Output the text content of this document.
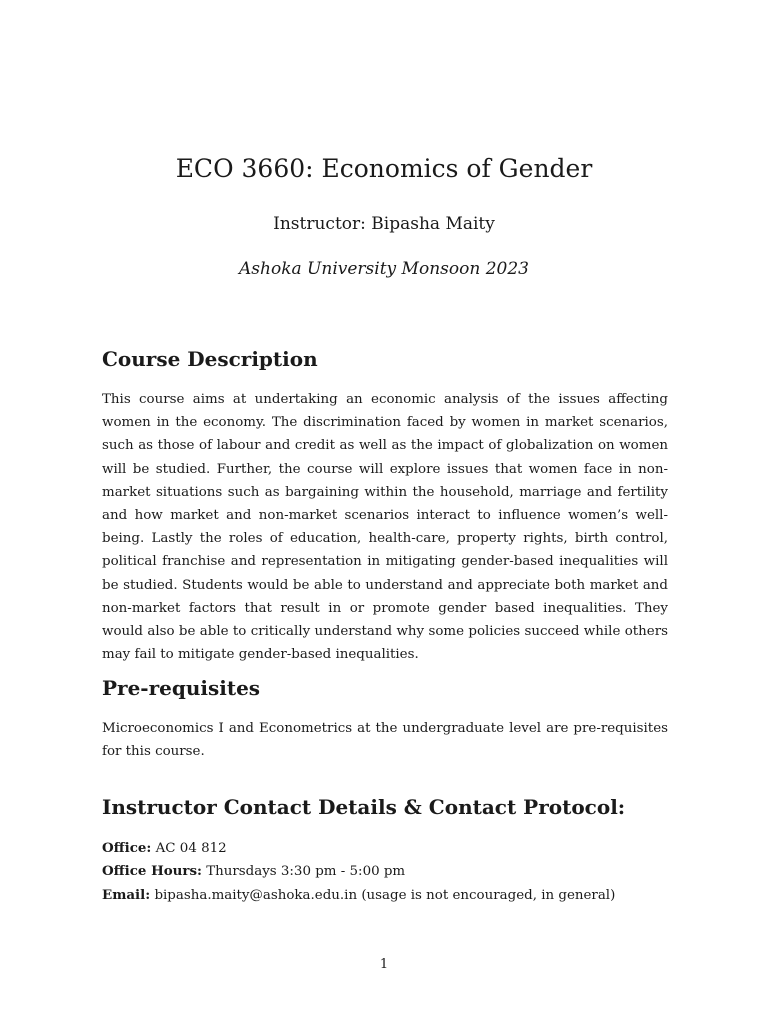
ECO 3660: Economics of Gender

Instructor: Bipasha Maity

Ashoka University Monsoon 2023

Course Description

This course aims at undertaking an economic analysis of the issues affecting women in the economy. The discrimination faced by women in market scenarios, such as those of labour and credit as well as the impact of globalization on women will be studied. Further, the course will explore issues that women face in non-market situations such as bargaining within the household, marriage and fertility and how market and non-market scenarios interact to influence women’s well-being. Lastly the roles of education, health-care, property rights, birth control, political franchise and representation in mitigating gender-based inequalities will be studied. Students would be able to understand and appreciate both market and non-market factors that result in or promote gender based inequalities. They would also be able to critically understand why some policies succeed while others may fail to mitigate gender-based inequalities.

Pre-requisites

Microeconomics I and Econometrics at the undergraduate level are pre-requisites for this course.

Instructor Contact Details & Contact Protocol:

Office: AC 04 812

Office Hours: Thursdays 3:30 pm - 5:00 pm

Email: bipasha.maity@ashoka.edu.in (usage is not encouraged, in general)

1
